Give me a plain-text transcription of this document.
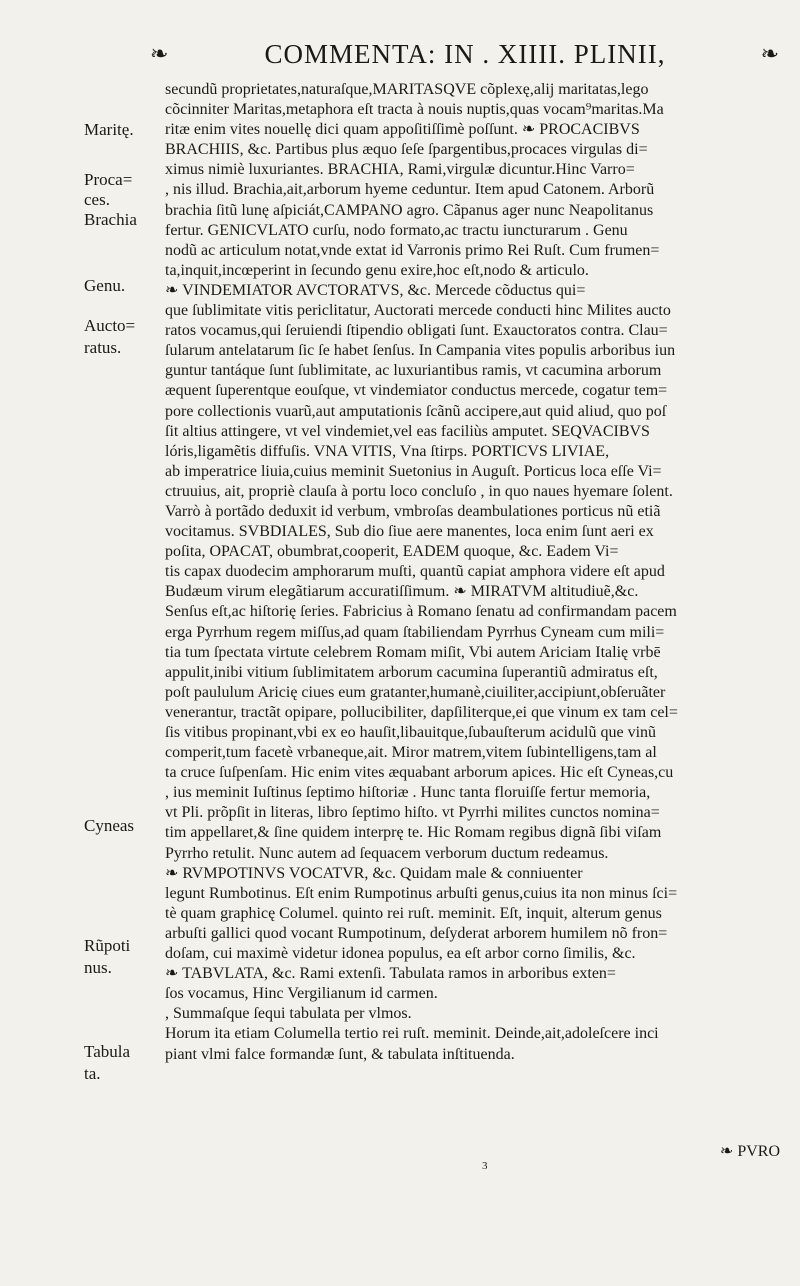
❧	COMMENTA: IN . XIIII. PLINII,	❧
secundũ proprietates,naturaſque,MARITASQVE cõplexę,alij maritatas,lego
cõcinniter Maritas,metaphora eſt tracta à nouis nuptis,quas vocam⁹maritas.Ma
ritæ enim vites nouellę dici quam appoſitiſſimè poſſunt. ❧ PROCACIBVS
BRACHIIS, &c. Partibus plus æquo ſeſe ſpargentibus,procaces virgulas di=
ximus nimiè luxuriantes. BRACHIA, Rami,virgulæ dicuntur.Hinc Varro=
, nis illud. Brachia,ait,arborum hyeme ceduntur. Item apud Catonem. Arborũ
brachia ſitũ lunę aſpiciát,CAMPANO agro. Cãpanus ager nunc Neapolitanus
fertur. GENICVLATO curſu, nodo formato,ac tractu iuncturarum . Genu
nodũ ac articulum notat,vnde extat id Varronis primo Rei Ruſt. Cum frumen=
ta,inquit,incœperint in ſecundo genu exire,hoc eſt,nodo & articulo.
❧ VINDEMIATOR AVCTORATVS, &c. Mercede cõductus qui=
que ſublimitate vitis periclitatur, Auctorati mercede conducti hinc Milites aucto
ratos vocamus,qui ſeruiendi ſtipendio obligati ſunt. Exauctoratos contra. Clau=
ſularum antelatarum ſic ſe habet ſenſus. In Campania vites populis arboribus iun
guntur tantáque ſunt ſublimitate, ac luxuriantibus ramis, vt cacumina arborum
æquent ſuperentque eouſque, vt vindemiator conductus mercede, cogatur tem=
pore collectionis vuarũ,aut amputationis ſcãnũ accipere,aut quid aliud, quo poſ
ſit altius attingere, vt vel vindemiet,vel eas faciliùs amputet. SEQVACIBVS
lóris,ligamẽtis diffuſis. VNA VITIS, Vna ſtirps. PORTICVS LIVIAE,
ab imperatrice liuia,cuius meminit Suetonius in Auguſt. Porticus loca eſſe Vi=
ctruuius, ait, propriè clauſa à portu loco concluſo , in quo naues hyemare ſolent.
Varrò à portãdo deduxit id verbum, vmbroſas deambulationes porticus nũ etiã
vocitamus. SVBDIALES, Sub dio ſiue aere manentes, loca enim ſunt aeri ex
poſita, OPACAT, obumbrat,cooperit, EADEM quoque, &c. Eadem Vi=
tis capax duodecim amphorarum muſti, quantũ capiat amphora videre eſt apud
Budæum virum elegãtiarum accuratiſſimum. ❧ MIRATVM altitudiuẽ,&c.
Senſus eſt,ac hiſtorię ſeries. Fabricius à Romano ſenatu ad confirmandam pacem
erga Pyrrhum regem miſſus,ad quam ſtabiliendam Pyrrhus Cyneam cum mili=
tia tum ſpectata virtute celebrem Romam miſit, Vbi autem Ariciam Italię vrbē
appulit,inibi vitium ſublimitatem arborum cacumina ſuperantiũ admiratus eſt,
poſt paululum Aricię ciues eum gratanter,humanè,ciuiliter,accipiunt,obſeruãter
venerantur, tractãt opipare, pollucibiliter, dapſiliterque,ei que vinum ex tam cel=
ſis vitibus propinant,vbi ex eo hauſit,libauitque,ſubauſterum acidulũ que vinũ
comperit,tum facetè vrbaneque,ait. Miror matrem,vitem ſubintelligens,tam al
ta cruce ſuſpenſam. Hic enim vites æquabant arborum apices. Hic eſt Cyneas,cu
, ius meminit Iuſtinus ſeptimo hiſtoriæ . Hunc tanta floruiſſe fertur memoria,
vt Pli. prõpſit in literas, libro ſeptimo hiſto. vt Pyrrhi milites cunctos nomina=
tim appellaret,& ſine quidem interprę te. Hic Romam regibus dignã ſibi viſam
Pyrrho retulit. Nunc autem ad ſequacem verborum ductum redeamus.
❧ RVMPOTINVS VOCATVR, &c. Quidam male & conniuenter
legunt Rumbotinus. Eſt enim Rumpotinus arbuſti genus,cuius ita non minus ſci=
tè quam graphicę Columel. quinto rei ruſt. meminit. Eſt, inquit, alterum genus
arbuſti gallici quod vocant Rumpotinum, deſyderat arborem humilem nõ fron=
doſam, cui maximè videtur idonea populus, ea eſt arbor corno ſimilis, &c.
❧ TABVLATA, &c. Rami extenſi. Tabulata ramos in arboribus exten=
ſos vocamus, Hinc Vergilianum id carmen.
, Summaſque ſequi tabulata per vlmos.
Horum ita etiam Columella tertio rei ruſt. meminit. Deinde,ait,adoleſcere inci
piant vlmi falce formandæ ſunt, & tabulata inſtituenda.
Maritę.
Proca=
ces.
Brachia
Genu.
Aucto=
ratus.
Cyneas
Rũpoti
nus.
Tabula
ta.
3
❧ PVRO
